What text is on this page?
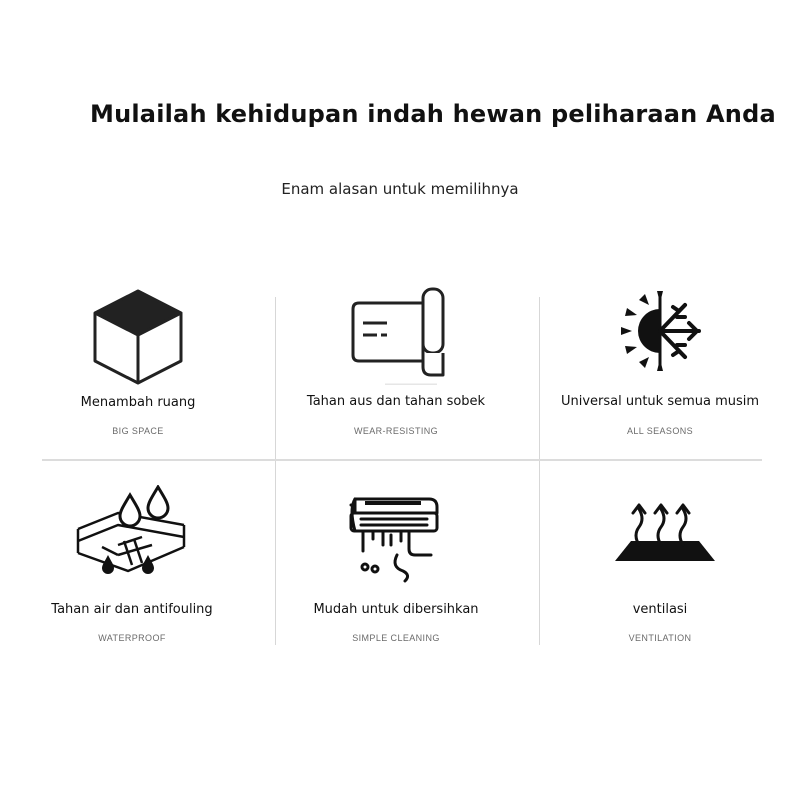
Mulailah kehidupan indah hewan peliharaan Anda
Enam alasan untuk memilihnya
Menambah ruang
BIG SPACE
Tahan aus dan tahan sobek
WEAR-RESISTING
Universal untuk semua musim
ALL SEASONS
Tahan air dan antifouling
WATERPROOF
Mudah untuk dibersihkan
SIMPLE CLEANING
ventilasi
VENTILATION
